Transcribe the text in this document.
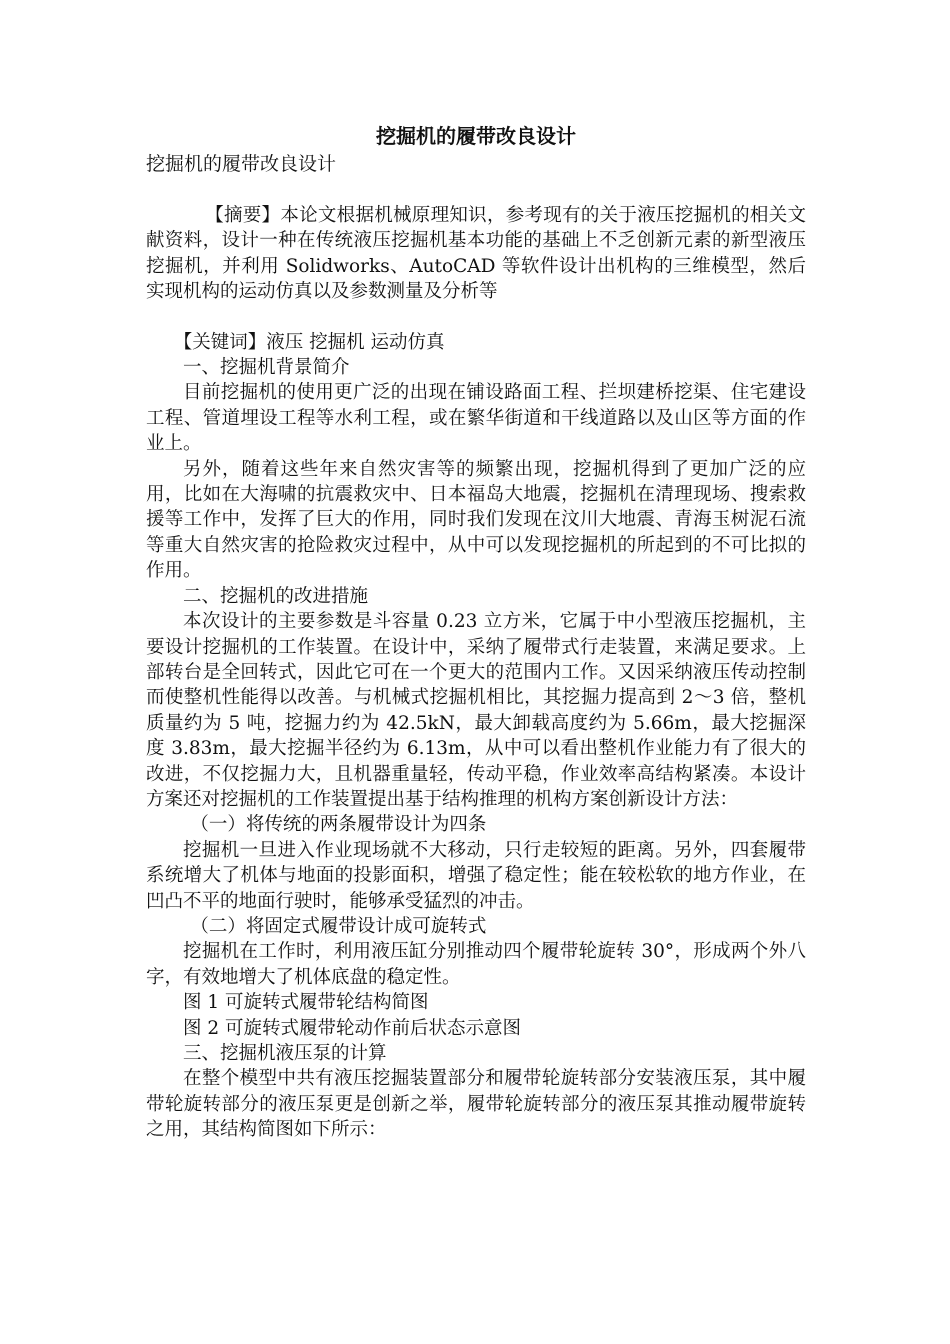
挖掘机的履带改良设计
挖掘机的履带改良设计

【摘要】本论文根据机械原理知识，参考现有的关于液压挖掘机的相关文献资料，设计一种在传统液压挖掘机基本功能的基础上不乏创新元素的新型液压挖掘机，并利用 Solidworks、AutoCAD 等软件设计出机构的三维模型，然后实现机构的运动仿真以及参数测量及分析等

【关键词】液压 挖掘机 运动仿真

一、挖掘机背景简介

目前挖掘机的使用更广泛的出现在铺设路面工程、拦坝建桥挖渠、住宅建设工程、管道埋设工程等水利工程，或在繁华街道和干线道路以及山区等方面的作业上。

另外，随着这些年来自然灾害等的频繁出现，挖掘机得到了更加广泛的应用，比如在大海啸的抗震救灾中、日本福岛大地震，挖掘机在清理现场、搜索救援等工作中，发挥了巨大的作用，同时我们发现在汶川大地震、青海玉树泥石流等重大自然灾害的抢险救灾过程中，从中可以发现挖掘机的所起到的不可比拟的作用。

二、挖掘机的改进措施

本次设计的主要参数是斗容量 0.23 立方米，它属于中小型液压挖掘机，主要设计挖掘机的工作装置。在设计中，采纳了履带式行走装置，来满足要求。上部转台是全回转式，因此它可在一个更大的范围内工作。又因采纳液压传动控制而使整机性能得以改善。与机械式挖掘机相比，其挖掘力提高到 2～3 倍，整机质量约为 5 吨，挖掘力约为 42.5kN，最大卸载高度约为 5.66m，最大挖掘深度 3.83m，最大挖掘半径约为 6.13m，从中可以看出整机作业能力有了很大的改进，不仅挖掘力大，且机器重量轻，传动平稳，作业效率高结构紧凑。本设计方案还对挖掘机的工作装置提出基于结构推理的机构方案创新设计方法：

（一）将传统的两条履带设计为四条

挖掘机一旦进入作业现场就不大移动，只行走较短的距离。另外，四套履带系统增大了机体与地面的投影面积，增强了稳定性；能在较松软的地方作业，在凹凸不平的地面行驶时，能够承受猛烈的冲击。

（二）将固定式履带设计成可旋转式

挖掘机在工作时，利用液压缸分别推动四个履带轮旋转 30°，形成两个外八字，有效地增大了机体底盘的稳定性。

图 1 可旋转式履带轮结构简图
图 2 可旋转式履带轮动作前后状态示意图
三、挖掘机液压泵的计算

在整个模型中共有液压挖掘装置部分和履带轮旋转部分安装液压泵，其中履带轮旋转部分的液压泵更是创新之举，履带轮旋转部分的液压泵其推动履带旋转之用，其结构简图如下所示：
